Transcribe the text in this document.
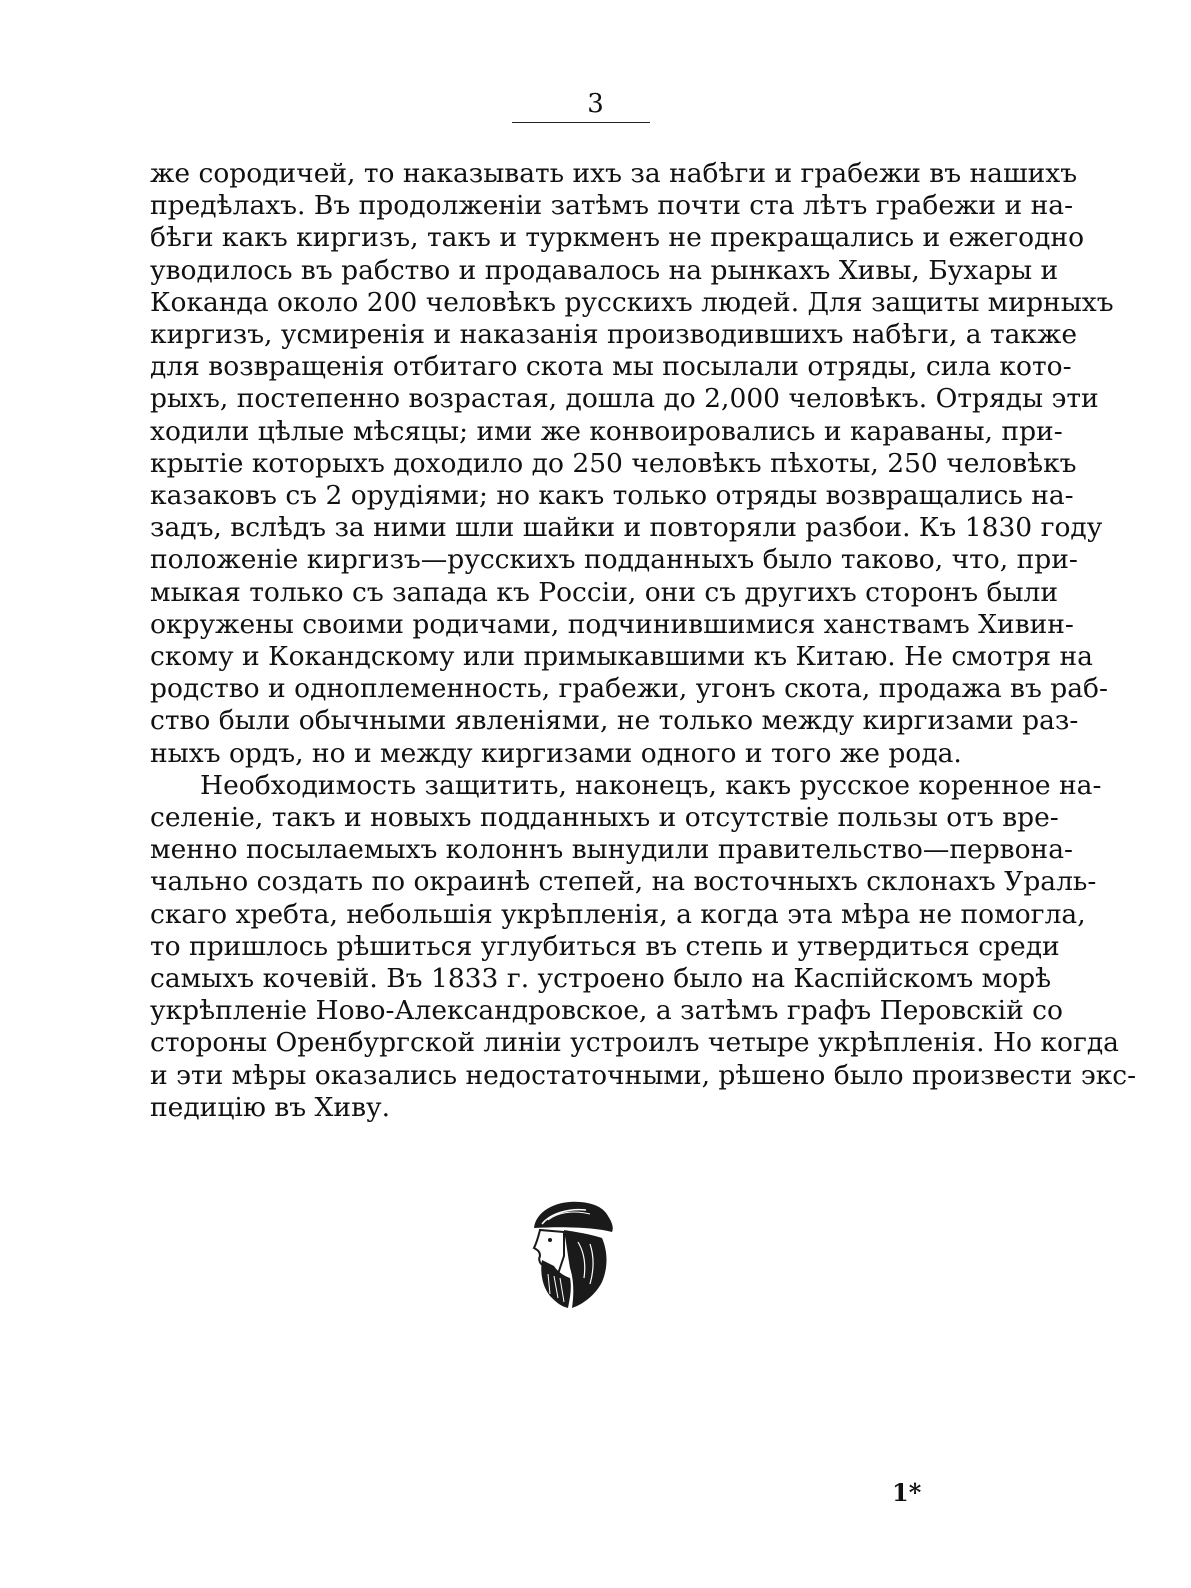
3
же сородичей, то наказывать ихъ за набѣги и грабежи въ нашихъ
предѣлахъ. Въ продолженіи затѣмъ почти ста лѣтъ грабежи и на-
бѣги какъ киргизъ, такъ и туркменъ не прекращались и ежегодно
уводилось въ рабство и продавалось на рынкахъ Хивы, Бухары и
Коканда около 200 человѣкъ русскихъ людей. Для защиты мирныхъ
киргизъ, усмиренія и наказанія производившихъ набѣги, а также
для возвращенія отбитаго скота мы посылали отряды, сила кото-
рыхъ, постепенно возрастая, дошла до 2,000 человѣкъ. Отряды эти
ходили цѣлые мѣсяцы; ими же конвоировались и караваны, при-
крытіе которыхъ доходило до 250 человѣкъ пѣхоты, 250 человѣкъ
казаковъ съ 2 орудіями; но какъ только отряды возвращались на-
задъ, вслѣдъ за ними шли шайки и повторяли разбои. Къ 1830 году
положеніе киргизъ—русскихъ подданныхъ было таково, что, при-
мыкая только съ запада къ Россіи, они съ другихъ сторонъ были
окружены своими родичами, подчинившимися ханствамъ Хивин-
скому и Кокандскому или примыкавшими къ Китаю. Не смотря на
родство и одноплеменность, грабежи, угонъ скота, продажа въ раб-
ство были обычными явленіями, не только между киргизами раз-
ныхъ ордъ, но и между киргизами одного и того же рода.
Необходимость защитить, наконецъ, какъ русское коренное на-
селеніе, такъ и новыхъ подданныхъ и отсутствіе пользы отъ вре-
менно посылаемыхъ колоннъ вынудили правительство—первона-
чально создать по окраинѣ степей, на восточныхъ склонахъ Ураль-
скаго хребта, небольшія укрѣпленія, а когда эта мѣра не помогла,
то пришлось рѣшиться углубиться въ степь и утвердиться среди
самыхъ кочевій. Въ 1833 г. устроено было на Каспійскомъ морѣ
укрѣпленіе Ново-Александровское, а затѣмъ графъ Перовскій со
стороны Оренбургской линіи устроилъ четыре укрѣпленія. Но когда
и эти мѣры оказались недостаточными, рѣшено было произвести экс-
педицію въ Хиву.
1*
